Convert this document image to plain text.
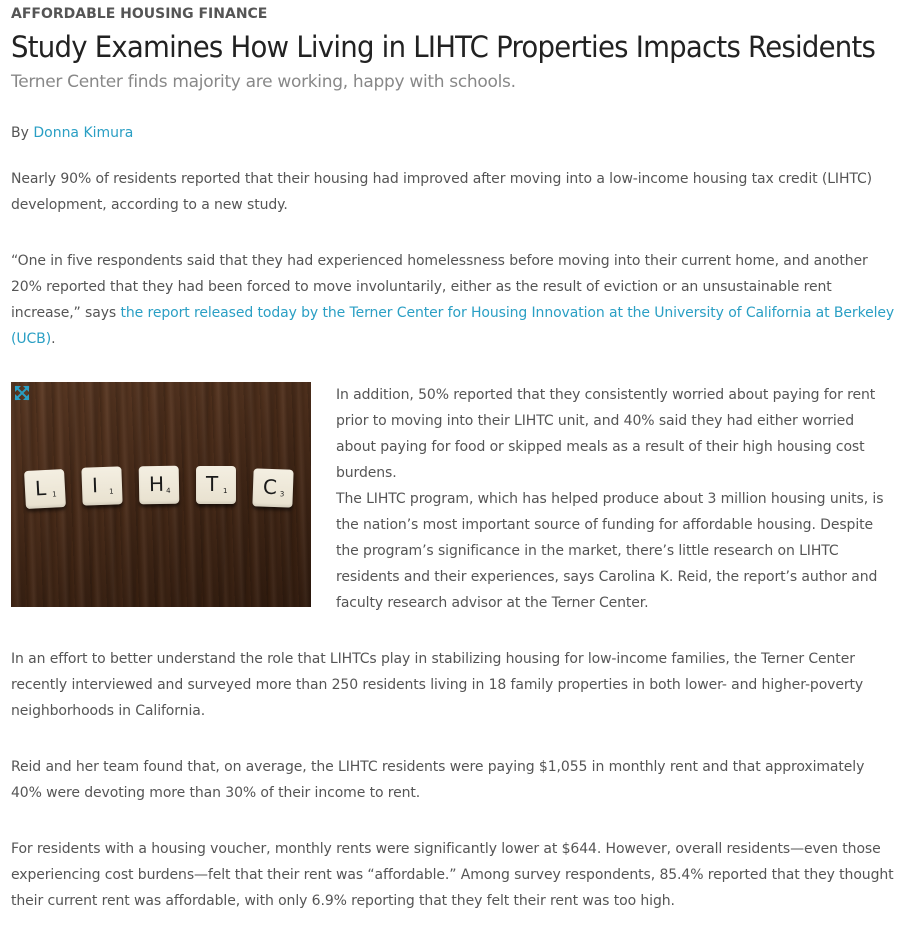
AFFORDABLE HOUSING FINANCE
Study Examines How Living in LIHTC Properties Impacts Residents
Terner Center finds majority are working, happy with schools.
By Donna Kimura

Nearly 90% of residents reported that their housing had improved after moving into a low-income housing tax credit (LIHTC) development, according to a new study.

“One in five respondents said that they had experienced homelessness before moving into their current home, and another 20% reported that they had been forced to move involuntarily, either as the result of eviction or an unsustainable rent increase,” says the report released today by the Terner Center for Housing Innovation at the University of California at Berkeley (UCB).

L 1 I 1 H 4 T 1 C 3

In addition, 50% reported that they consistently worried about paying for rent prior to moving into their LIHTC unit, and 40% said they had either worried about paying for food or skipped meals as a result of their high housing cost burdens.

The LIHTC program, which has helped produce about 3 million housing units, is the nation’s most important source of funding for affordable housing. Despite the program’s significance in the market, there’s little research on LIHTC residents and their experiences, says Carolina K. Reid, the report’s author and faculty research advisor at the Terner Center.

In an effort to better understand the role that LIHTCs play in stabilizing housing for low-income families, the Terner Center recently interviewed and surveyed more than 250 residents living in 18 family properties in both lower- and higher-poverty neighborhoods in California.

Reid and her team found that, on average, the LIHTC residents were paying $1,055 in monthly rent and that approximately 40% were devoting more than 30% of their income to rent.

For residents with a housing voucher, monthly rents were significantly lower at $644. However, overall residents—even those experiencing cost burdens—felt that their rent was “affordable.” Among survey respondents, 85.4% reported that they thought their current rent was affordable, with only 6.9% reporting that they felt their rent was too high.
